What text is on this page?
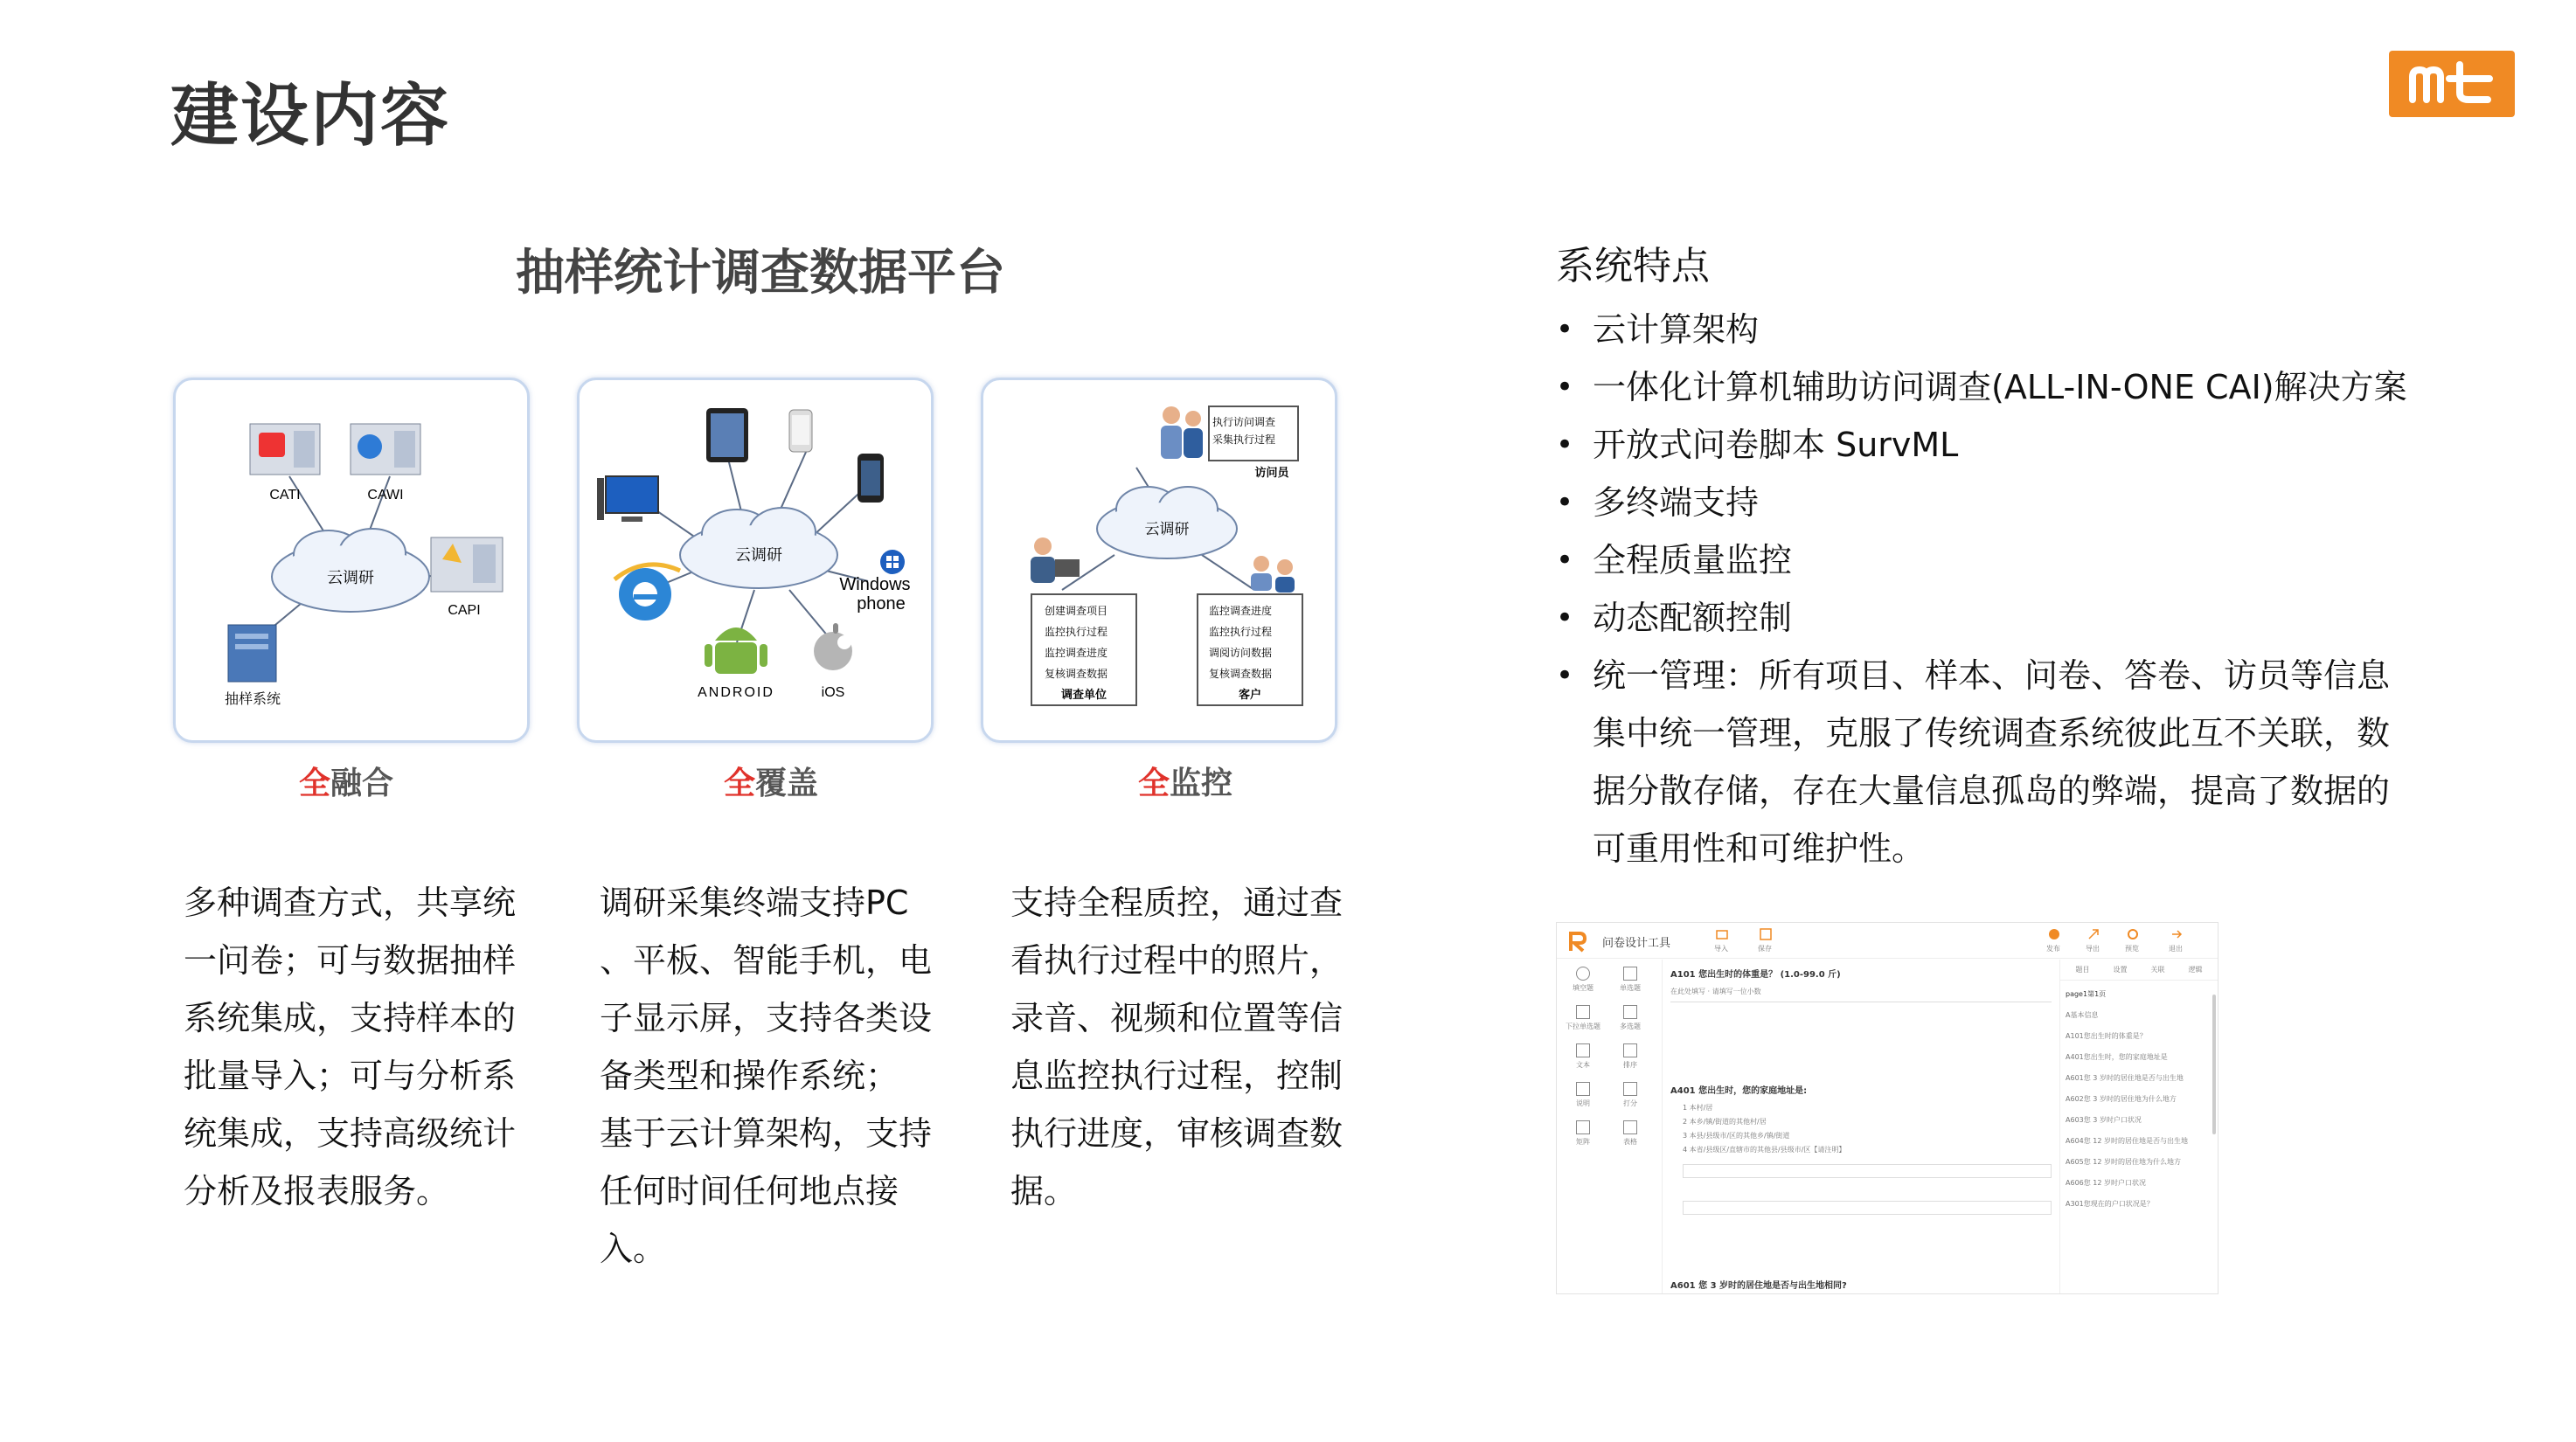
建设内容
抽样统计调查数据平台
CATI	CAWI
云调研
CAPI
抽样系统
云调研
Windows
phone
ANDROID	iOS
执行访问调查
采集执行过程
访问员
云调研
创建调查项目
监控执行过程
监控调查进度
复核调查数据
调查单位
监控调查进度
监控执行过程
调阅访问数据
复核调查数据
客户
全融合	全覆盖	全监控
多种调查方式，共享统一问卷；可与数据抽样系统集成，支持样本的批量导入；可与分析系统集成，支持高级统计分析及报表服务。
调研采集终端支持PC 、平板、智能手机，电子显示屏，支持各类设备类型和操作系统； 基于云计算架构，支持任何时间任何地点接入。
支持全程质控，通过查看执行过程中的照片，录音、视频和位置等信息监控执行过程，控制执行进度，审核调查数据。
系统特点
• 云计算架构
• 一体化计算机辅助访问调查(ALL-IN-ONE CAI)解决方案
• 开放式问卷脚本 SurvML
• 多终端支持
• 全程质量监控
• 动态配额控制
• 统一管理：所有项目、样本、问卷、答卷、访员等信息集中统一管理，克服了传统调查系统彼此互不关联，数据分散存储，存在大量信息孤岛的弊端，提高了数据的可重用性和可维护性。
问卷设计工具	导入	保存	发布	导出	预览	退出
填空题
下拉单选题
文本
说明
矩阵
单选题
多选题
排序
打分
表格
A101 您出生时的体重是？ (1.0-99.0 斤)
在此处填写 · 请填写一位小数
A401 您出生时，您的家庭地址是:
1 本村/居
2 本乡/镇/街道的其他村/居
3 本县/县级市/区的其他乡/镇/街道
4 本省/县级区/直辖市的其他县/县级市/区【请注明】
A601 您 3 岁时的居住地是否与出生地相同?
题目	设置	关联	逻辑
page1第1页
A基本信息
A101您出生时的体重是？
A401您出生时，您的家庭地址是
A601您 3 岁时的居住地是否与出生地
A602您 3 岁时的居住地为什么地方
A603您 3 岁时户口状况
A604您 12 岁时的居住地是否与出生地
A605您 12 岁时的居住地为什么地方
A606您 12 岁时户口状况
A301您现在的户口状况是？
